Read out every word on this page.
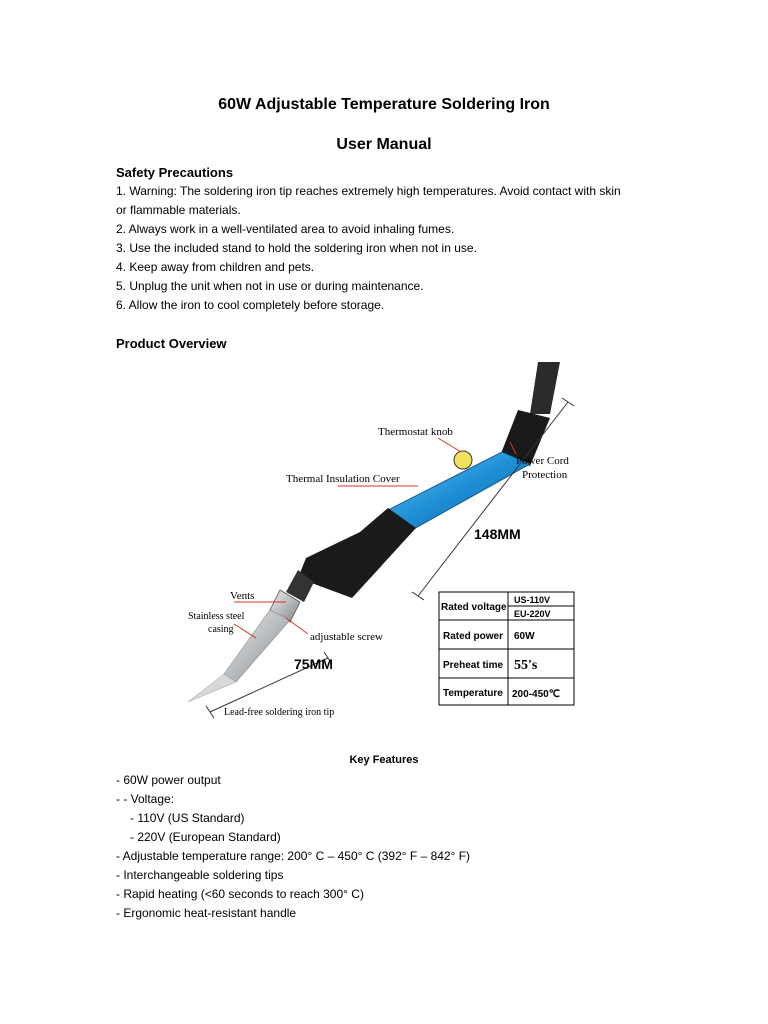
60W Adjustable Temperature Soldering Iron
User Manual
Safety Precautions
1. Warning: The soldering iron tip reaches extremely high temperatures. Avoid contact with skin
or flammable materials.
2. Always work in a well-ventilated area to avoid inhaling fumes.
3. Use the included stand to hold the soldering iron when not in use.
4. Keep away from children and pets.
5. Unplug the unit when not in use or during maintenance.
6. Allow the iron to cool completely before storage.
Product Overview
450℃
148MM
75MM
Thermostat knob
Power Cord
Protection
Thermal Insulation Cover
Vents
Stainless steel
casing
adjustable screw
Lead-free soldering iron tip
Rated voltage
US-110V
EU-220V
Rated power 60W
Preheat time 55's
Temperature 200-450℃
Key Features
- 60W power output
- - Voltage:
- 110V (US Standard)
- 220V (European Standard)
- Adjustable temperature range: 200° C – 450° C (392° F – 842° F)
- Interchangeable soldering tips
- Rapid heating (<60 seconds to reach 300° C)
- Ergonomic heat-resistant handle
